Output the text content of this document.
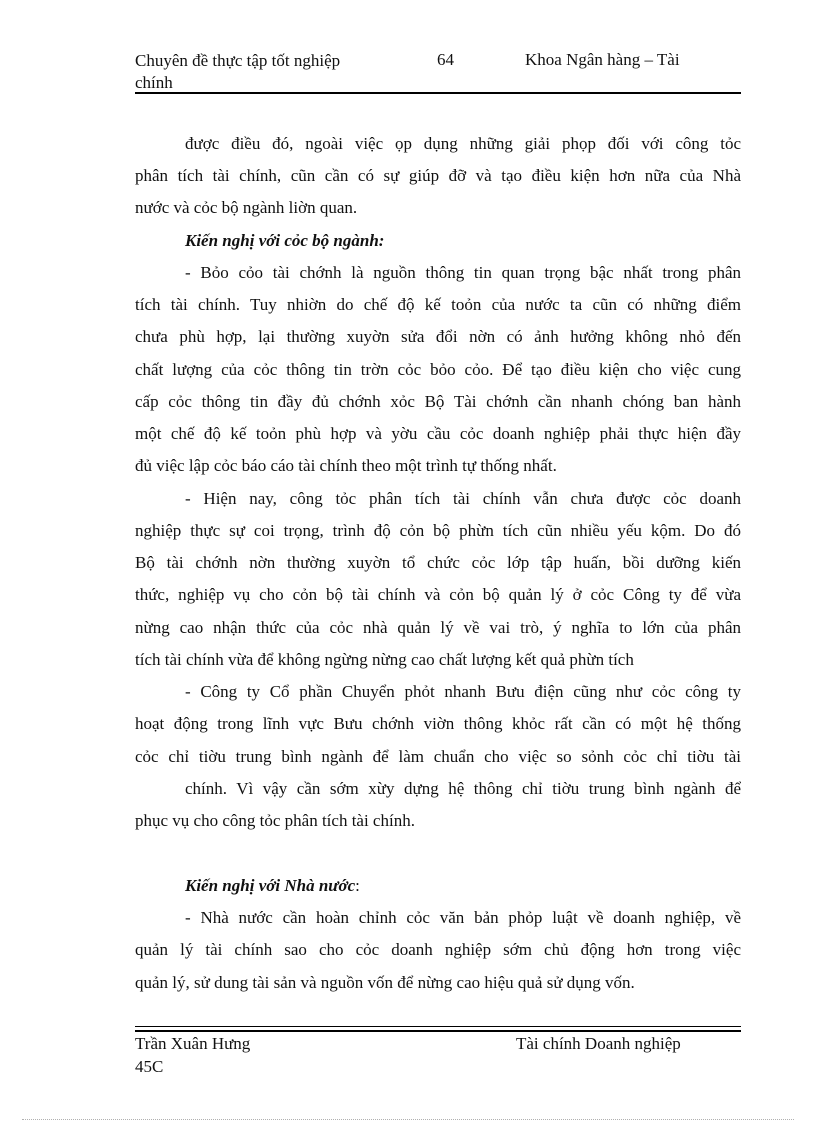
Chuyên đề thực tập tốt nghiệp
chính
64	Khoa Ngân hàng – Tài
được điều đó, ngoài việc ọp dụng những giải phọp đối với công tỏc
phân tích tài chính, cũn cần có sự giúp đỡ và tạo điều kiện hơn nữa của Nhà
nước và cỏc bộ ngành liờn quan.
Kiến nghị với cỏc bộ ngành:
- Bỏo cỏo tài chớnh là nguồn thông tin quan trọng bậc nhất trong phân
tích tài chính. Tuy nhiờn do chế độ kế toỏn của nước ta cũn có những điểm
chưa phù hợp, lại thường xuyờn sửa đổi nờn có ảnh hưởng không nhỏ đến
chất lượng của cỏc thông tin trờn cỏc bỏo cỏo. Để tạo điều kiện cho việc cung
cấp cỏc thông tin đầy đủ chớnh xỏc Bộ Tài chớnh cần nhanh chóng ban hành
một chế độ kế toỏn phù hợp và yờu cầu cỏc doanh nghiệp phải thực hiện đầy
đủ việc lập cỏc báo cáo tài chính theo một trình tự thống nhất.
- Hiện nay, công tỏc phân tích tài chính vẫn chưa được cỏc doanh
nghiệp thực sự coi trọng, trình độ cỏn bộ phừn tích cũn nhiều yếu kộm. Do đó
Bộ tài chớnh nờn thường xuyờn tổ chức cỏc lớp tập huấn, bồi dưỡng kiến
thức, nghiệp vụ cho cỏn bộ tài chính và cỏn bộ quản lý ở cỏc Công ty để vừa
nừng cao nhận thức của cỏc nhà quản lý về vai trò, ý nghĩa to lớn của phân
tích tài chính vừa để không ngừng nừng cao chất lượng kết quả phừn tích
- Công ty Cổ phần Chuyển phỏt nhanh Bưu điện cũng như cỏc công ty
hoạt động trong lĩnh vực Bưu chớnh viờn thông khỏc rất cần có một hệ thống
cỏc chỉ tiờu trung bình ngành để làm chuẩn cho việc so sỏnh cỏc chỉ tiờu tài
chính. Vì vậy cần sớm xừy dựng hệ thông chỉ tiờu trung bình ngành để
phục vụ cho công tỏc phân tích tài chính.
Kiến nghị với Nhà nước:
- Nhà nước cần hoàn chỉnh cỏc văn bản phỏp luật về doanh nghiệp, về
quản lý tài chính sao cho cỏc doanh nghiệp sớm chủ động hơn trong việc
quản lý, sử dung tài sản và nguồn vốn để nừng cao hiệu quả sử dụng vốn.
Trần Xuân Hưng
45C
Tài chính Doanh nghiệp
